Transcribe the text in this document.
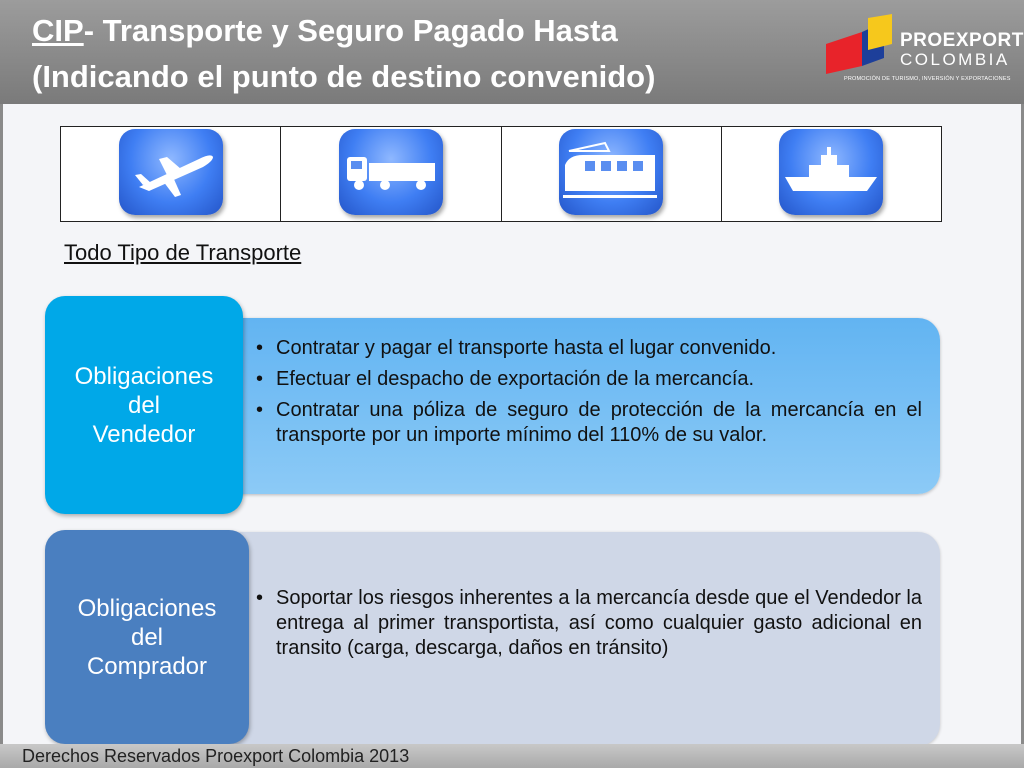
CIP- Transporte y Seguro Pagado Hasta
(Indicando el punto de destino convenido)
PROEXPORT
COLOMBIA
PROMOCIÓN DE TURISMO, INVERSIÓN Y EXPORTACIONES

Todo Tipo de Transporte
• Contratar y pagar el transporte hasta el lugar convenido.
• Efectuar el despacho de exportación de la mercancía.
• Contratar una póliza de seguro de protección de la mercancía en el transporte por un importe mínimo del 110% de su valor.
Obligaciones
del
Vendedor
• Soportar los riesgos inherentes a la mercancía desde que el Vendedor la entrega al primer transportista, así como cualquier gasto adicional en transito (carga, descarga, daños en tránsito)
Obligaciones
del
Comprador
Derechos Reservados Proexport Colombia 2013
